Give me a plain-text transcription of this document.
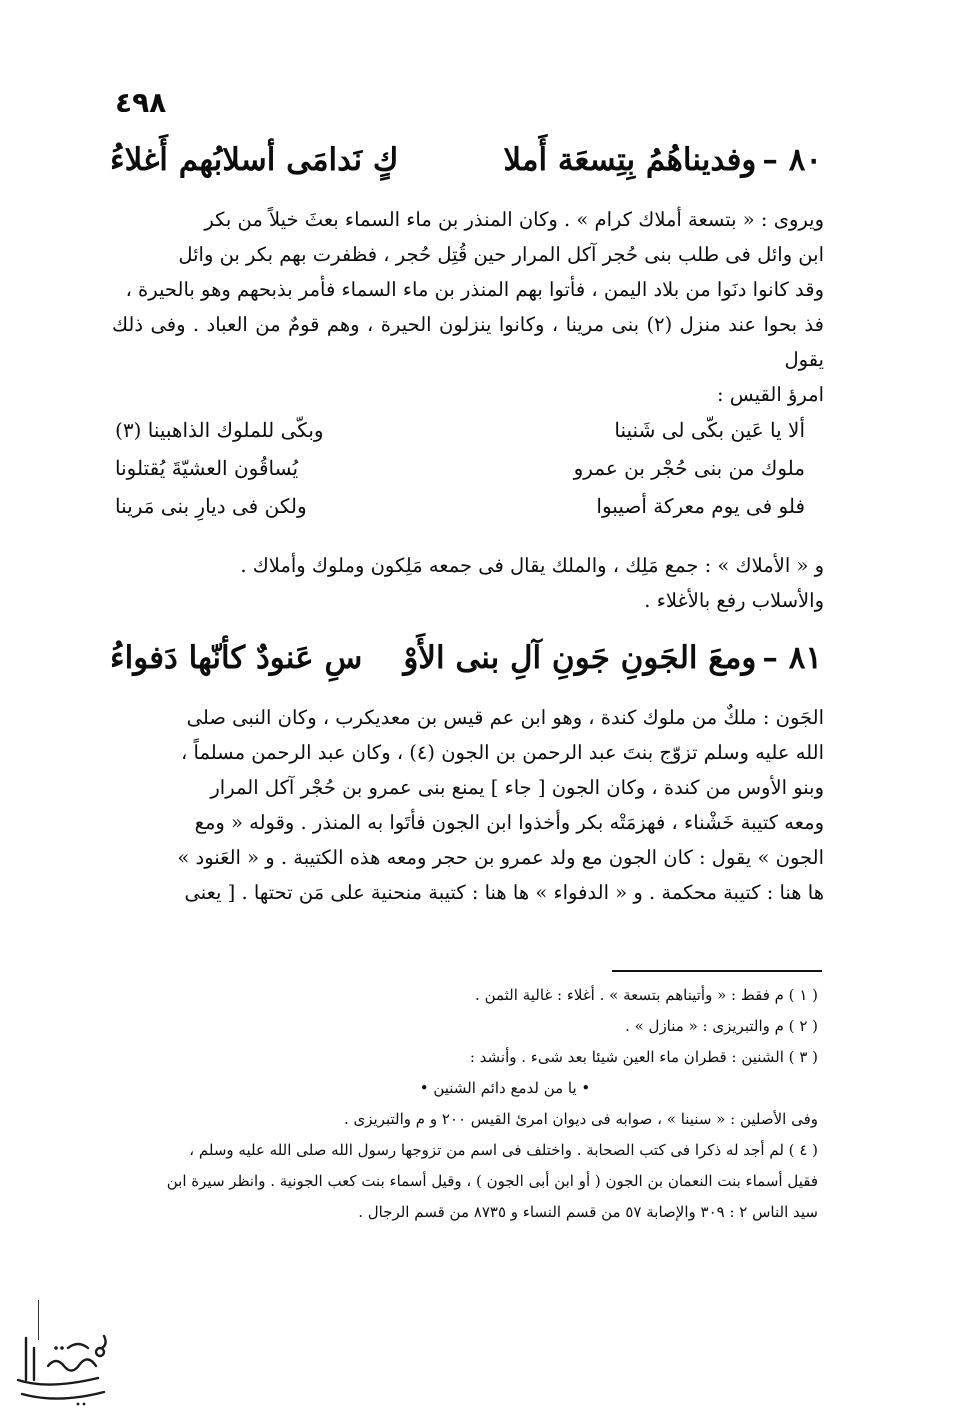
٤٩٨
٨٠ –وفديناهُمُ بِتِسعَة أَملا
كٍ نَدامَى أسلابُهم أَغلاءُ

ويروى : « بتسعة أملاك كرام » . وكان المنذر بن ماء السماء بعثَ خيلاً من بكر

ابن وائل فى طلب بنى حُجر آكل المرار حين قُتِل حُجر ، فظفرت بهم بكر بن وائل

وقد كانوا دنَوا من بلاد اليمن ، فأتوا بهم المنذر بن ماء السماء فأمر بذبحهم وهو بالحيرة ،

فذ بحوا عند منزل (٢) بنى مرينا ، وكانوا ينزلون الحيرة ، وهم قومٌ من العباد . وفى ذلك يقول

امرؤ القيس :

ألا يا عَين بكّى لى شَنينا
وبكّى للملوك الذاهبينا (٣)
ملوك من بنى حُجْر بن عمرو
يُساقُون العشيّةَ يُقتلونا
فلو فى يوم معركة أصيبوا
ولكن فى ديارِ بنى مَرينا

و « الأملاك » : جمع مَلِك ، والملك يقال فى جمعه مَلِكون وملوك وأملاك .

والأسلاب رفع بالأغلاء .

٨١ –ومعَ الجَونِ جَونِ آلِ بنى الأَوْ
سِ عَنودٌ كأنّها دَفواءُ

الجَون : ملكٌ من ملوك كندة ، وهو ابن عم قيس بن معديكرب ، وكان النبى صلى

الله عليه وسلم تزوّج بنتَ عبد الرحمن بن الجون (٤) ، وكان عبد الرحمن مسلماً ،

وبنو الأوس من كندة ، وكان الجون [ جاء ] يمنع بنى عمرو بن حُجْر آكل المرار

ومعه كتيبة خَشْناء ، فهزمَتْه بكر وأخذوا ابن الجون فأتَوا به المنذر . وقوله « ومع

الجون » يقول : كان الجون مع ولد عمرو بن حجر ومعه هذه الكتيبة . و « العَنود »

ها هنا : كتيبة محكمة . و « الدفواء » ها هنا : كتيبة منحنية على مَن تحتها . [ يعنى

( ١ ) م فقط : « وأتيناهم بتسعة » . أغلاء : غالية الثمن .

( ٢ ) م والتبريزى : « منازل » .

( ٣ ) الشنين : قطران ماء العين شيئا بعد شىء . وأنشد :

• يا من لدمع دائم الشنين •

وفى الأصلين : « سنينا » ، صوابه فى ديوان امرئ القيس ٢٠٠ و م والتبريزى .

( ٤ ) لم أجد له ذكرا فى كتب الصحابة . واختلف فى اسم من تزوجها رسول الله صلى الله عليه وسلم ،

فقيل أسماء بنت النعمان بن الجون ( أو ابن أبى الجون ) ، وقيل أسماء بنت كعب الجونية . وانظر سيرة ابن

سيد الناس ٢ : ٣٠٩ والإصابة ٥٧ من قسم النساء و ٨٧٣٥ من قسم الرجال .
